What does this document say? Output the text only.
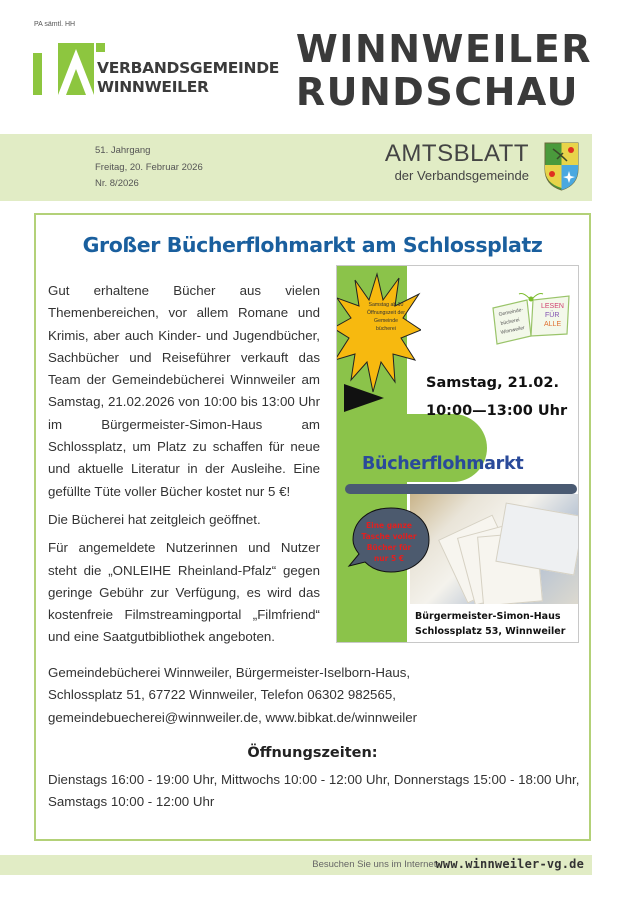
PA sämtl. HH
VERBANDSGEMEINDE
WINNWEILER
WINNWEILER
RUNDSCHAU
51. Jahrgang
Freitag, 20. Februar 2026
Nr. 8/2026
AMTSBLATT
der Verbandsgemeinde
Großer Bücherflohmarkt am Schlossplatz

Gut erhaltene Bücher aus vielen Themenbereichen, vor allem Romane und Krimis, aber auch Kinder- und Jugendbücher, Sachbücher und Reiseführer verkauft das Team der Gemeindebücherei Winnweiler am Samstag, 21.02.2026 von 10:00 bis 13:00 Uhr im Bürgermeister-Simon-Haus am Schlossplatz, um Platz zu schaffen für neue und aktuelle Literatur in der Ausleihe. Eine gefüllte Tüte voller Bücher kostet nur 5 €!

Die Bücherei hat zeitgleich geöffnet.

Für angemeldete Nutzerinnen und Nutzer steht die „ONLEIHE Rheinland-Pfalz“ gegen geringe Gebühr zur Verfügung, es wird das kostenfreie Filmstreamingportal „Filmfriend“ und eine Saatgutbibliothek angeboten.

Samstag ab 10
Öffnungszeit der
Gemeinde
bücherei
Gemeinde-
bücherei
Winnweiler
LESEN
FÜR
ALLE
Samstag, 21.02.
10:00—13:00 Uhr
Bücherflohmarkt
Eine ganze
Tasche voller
Bücher für
nur 5 €
Bürgermeister-Simon-Haus
Schlossplatz 53, Winnweiler
Gemeindebücherei Winnweiler, Bürgermeister-Iselborn-Haus,
Schlossplatz 51, 67722 Winnweiler, Telefon 06302 982565,
gemeindebuecherei@winnweiler.de, www.bibkat.de/winnweiler
Öffnungszeiten:
Dienstags 16:00 - 19:00 Uhr, Mittwochs 10:00 - 12:00 Uhr, Donnerstags 15:00 - 18:00 Uhr, Samstags 10:00 - 12:00 Uhr
Besuchen Sie uns im Internet:
www.winnweiler-vg.de
